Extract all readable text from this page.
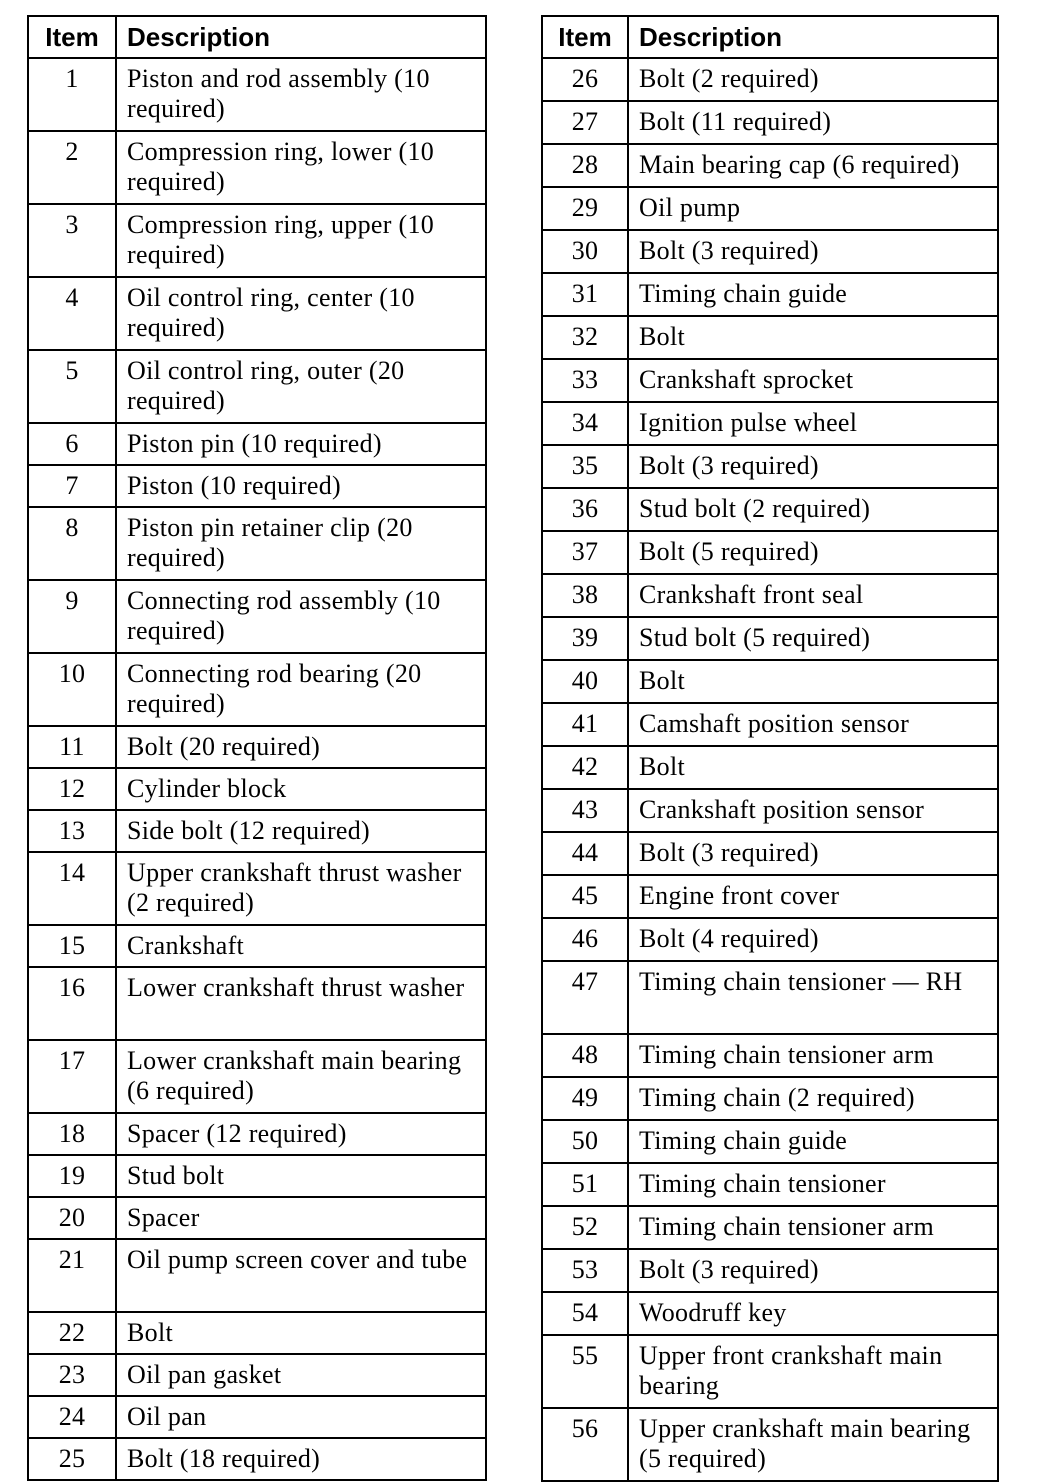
Item	Description
1	Piston and rod assembly (10 required)
2	Compression ring, lower (10 required)
3	Compression ring, upper (10 required)
4	Oil control ring, center (10 required)
5	Oil control ring, outer (20 required)
6	Piston pin (10 required)
7	Piston (10 required)
8	Piston pin retainer clip (20 required)
9	Connecting rod assembly (10 required)
10	Connecting rod bearing (20 required)
11	Bolt (20 required)
12	Cylinder block
13	Side bolt (12 required)
14	Upper crankshaft thrust washer (2 required)
15	Crankshaft
16	Lower crankshaft thrust washer
17	Lower crankshaft main bearing (6 required)
18	Spacer (12 required)
19	Stud bolt
20	Spacer
21	Oil pump screen cover and tube
22	Bolt
23	Oil pan gasket
24	Oil pan
25	Bolt (18 required)
Item	Description
26	Bolt (2 required)
27	Bolt (11 required)
28	Main bearing cap (6 required)
29	Oil pump
30	Bolt (3 required)
31	Timing chain guide
32	Bolt
33	Crankshaft sprocket
34	Ignition pulse wheel
35	Bolt (3 required)
36	Stud bolt (2 required)
37	Bolt (5 required)
38	Crankshaft front seal
39	Stud bolt (5 required)
40	Bolt
41	Camshaft position sensor
42	Bolt
43	Crankshaft position sensor
44	Bolt (3 required)
45	Engine front cover
46	Bolt (4 required)
47	Timing chain tensioner — RH
48	Timing chain tensioner arm
49	Timing chain (2 required)
50	Timing chain guide
51	Timing chain tensioner
52	Timing chain tensioner arm
53	Bolt (3 required)
54	Woodruff key
55	Upper front crankshaft main bearing
56	Upper crankshaft main bearing (5 required)
